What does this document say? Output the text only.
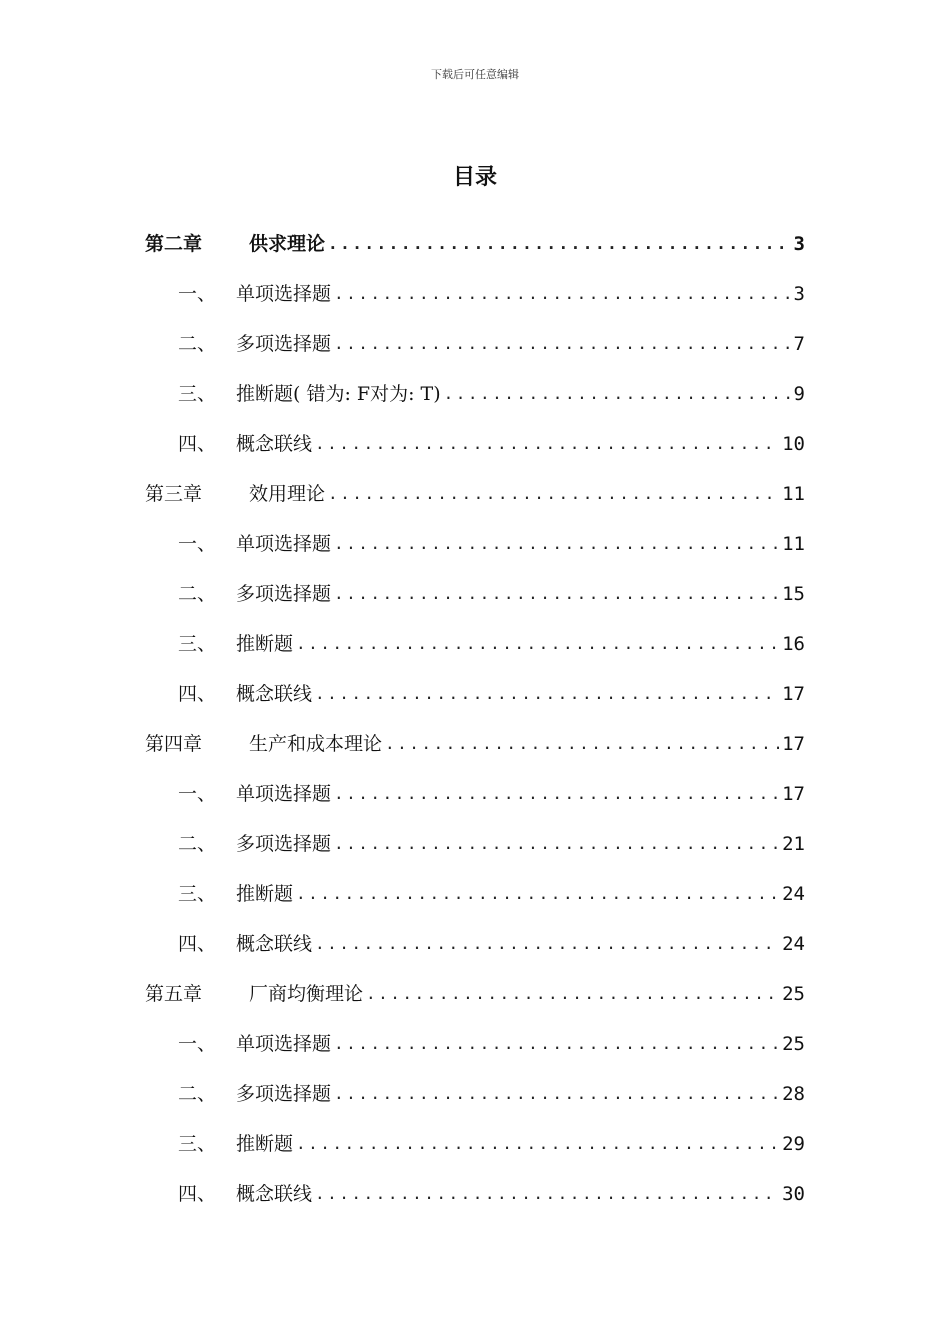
下载后可任意编辑
目录
第二章	供求理论 .....	3
一、	单项选择题 .....	3
二、	多项选择题 .....	7
三、	推断题( 错为: F对为: T) .....	9
四、	概念联线 .....	10
第三章	效用理论 .....	11
一、	单项选择题 .....	11
二、	多项选择题 .....	15
三、	推断题 .....	16
四、	概念联线 .....	17
第四章	生产和成本理论 .....	17
一、	单项选择题 .....	17
二、	多项选择题 .....	21
三、	推断题 .....	24
四、	概念联线 .....	24
第五章	厂商均衡理论 .....	25
一、	单项选择题 .....	25
二、	多项选择题 .....	28
三、	推断题 .....	29
四、	概念联线 .....	30
